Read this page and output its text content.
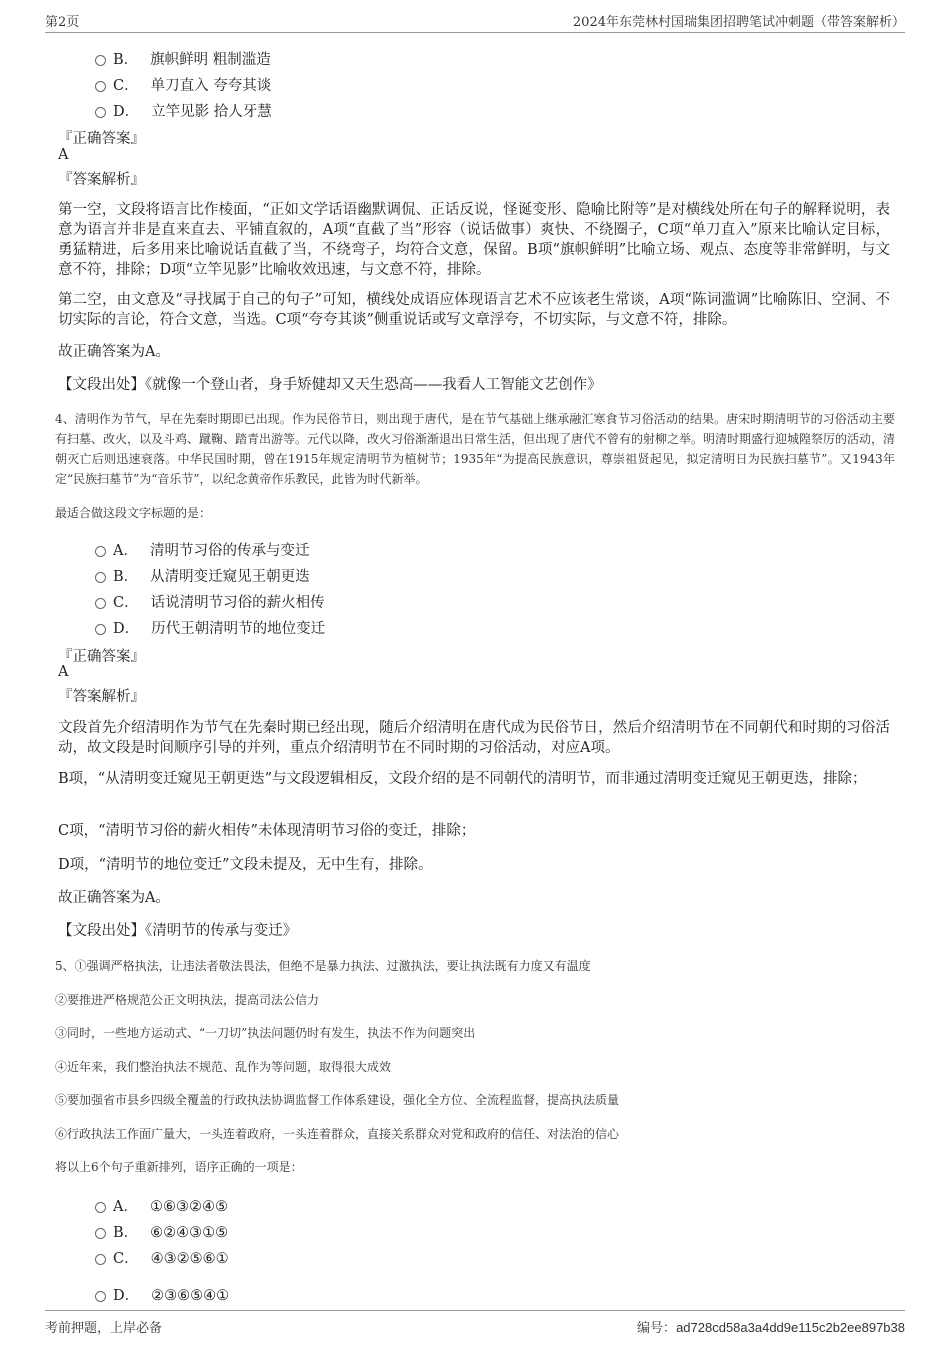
第2页	2024年东莞林村国瑞集团招聘笔试冲刺题（带答案解析）
B． 旗帜鲜明 粗制滥造
C． 单刀直入 夸夸其谈
D． 立竿见影 拾人牙慧
『正确答案』
A
『答案解析』
第一空，文段将语言比作棱面，“正如文学话语幽默调侃、正话反说，怪诞变形、隐喻比附等”是对横线处所在句子的解释说明，表意为语言并非是直来直去、平铺直叙的，A项“直截了当”形容（说话做事）爽快、不绕圈子，C项“单刀直入”原来比喻认定目标，勇猛精进，后多用来比喻说话直截了当，不绕弯子，均符合文意，保留。B项“旗帜鲜明”比喻立场、观点、态度等非常鲜明，与文意不符，排除；D项“立竿见影”比喻收效迅速，与文意不符，排除。
第二空，由文意及“寻找属于自己的句子”可知，横线处成语应体现语言艺术不应该老生常谈，A项“陈词滥调”比喻陈旧、空洞、不切实际的言论，符合文意，当选。C项“夸夸其谈”侧重说话或写文章浮夸，不切实际，与文意不符，排除。
故正确答案为A。
【文段出处】《就像一个登山者，身手矫健却又天生恐高——我看人工智能文艺创作》
4、清明作为节气，早在先秦时期即已出现。作为民俗节日，则出现于唐代，是在节气基础上继承融汇寒食节习俗活动的结果。唐宋时期清明节的习俗活动主要有扫墓、改火，以及斗鸡、蹴鞠、踏青出游等。元代以降，改火习俗渐渐退出日常生活，但出现了唐代不曾有的射柳之举。明清时期盛行迎城隍祭厉的活动，清朝灭亡后则迅速衰落。中华民国时期，曾在1915年规定清明节为植树节；1935年“为提高民族意识，尊崇祖贤起见，拟定清明日为民族扫墓节”。又1943年定“民族扫墓节”为“音乐节”，以纪念黄帝作乐教民，此皆为时代新举。
最适合做这段文字标题的是：
A． 清明节习俗的传承与变迁
B． 从清明变迁窥见王朝更迭
C． 话说清明节习俗的薪火相传
D． 历代王朝清明节的地位变迁
『正确答案』
A
『答案解析』
文段首先介绍清明作为节气在先秦时期已经出现，随后介绍清明在唐代成为民俗节日，然后介绍清明节在不同朝代和时期的习俗活动，故文段是时间顺序引导的并列，重点介绍清明节在不同时期的习俗活动，对应A项。
B项，“从清明变迁窥见王朝更迭”与文段逻辑相反，文段介绍的是不同朝代的清明节，而非通过清明变迁窥见王朝更迭，排除；
C项，“清明节习俗的薪火相传”未体现清明节习俗的变迁，排除；
D项，“清明节的地位变迁”文段未提及，无中生有，排除。
故正确答案为A。
【文段出处】《清明节的传承与变迁》
5、①强调严格执法，让违法者敬法畏法，但绝不是暴力执法、过激执法，要让执法既有力度又有温度
②要推进严格规范公正文明执法，提高司法公信力
③同时，一些地方运动式、“一刀切”执法问题仍时有发生，执法不作为问题突出
④近年来，我们整治执法不规范、乱作为等问题，取得很大成效
⑤要加强省市县乡四级全覆盖的行政执法协调监督工作体系建设，强化全方位、全流程监督，提高执法质量
⑥行政执法工作面广量大，一头连着政府，一头连着群众，直接关系群众对党和政府的信任、对法治的信心
将以上6个句子重新排列，语序正确的一项是：
A． ①⑥③②④⑤
B． ⑥②④③①⑤
C． ④③②⑤⑥①
D． ②③⑥⑤④①
考前押题，上岸必备	编号：ad728cd58a3a4dd9e115c2b2ee897b38
